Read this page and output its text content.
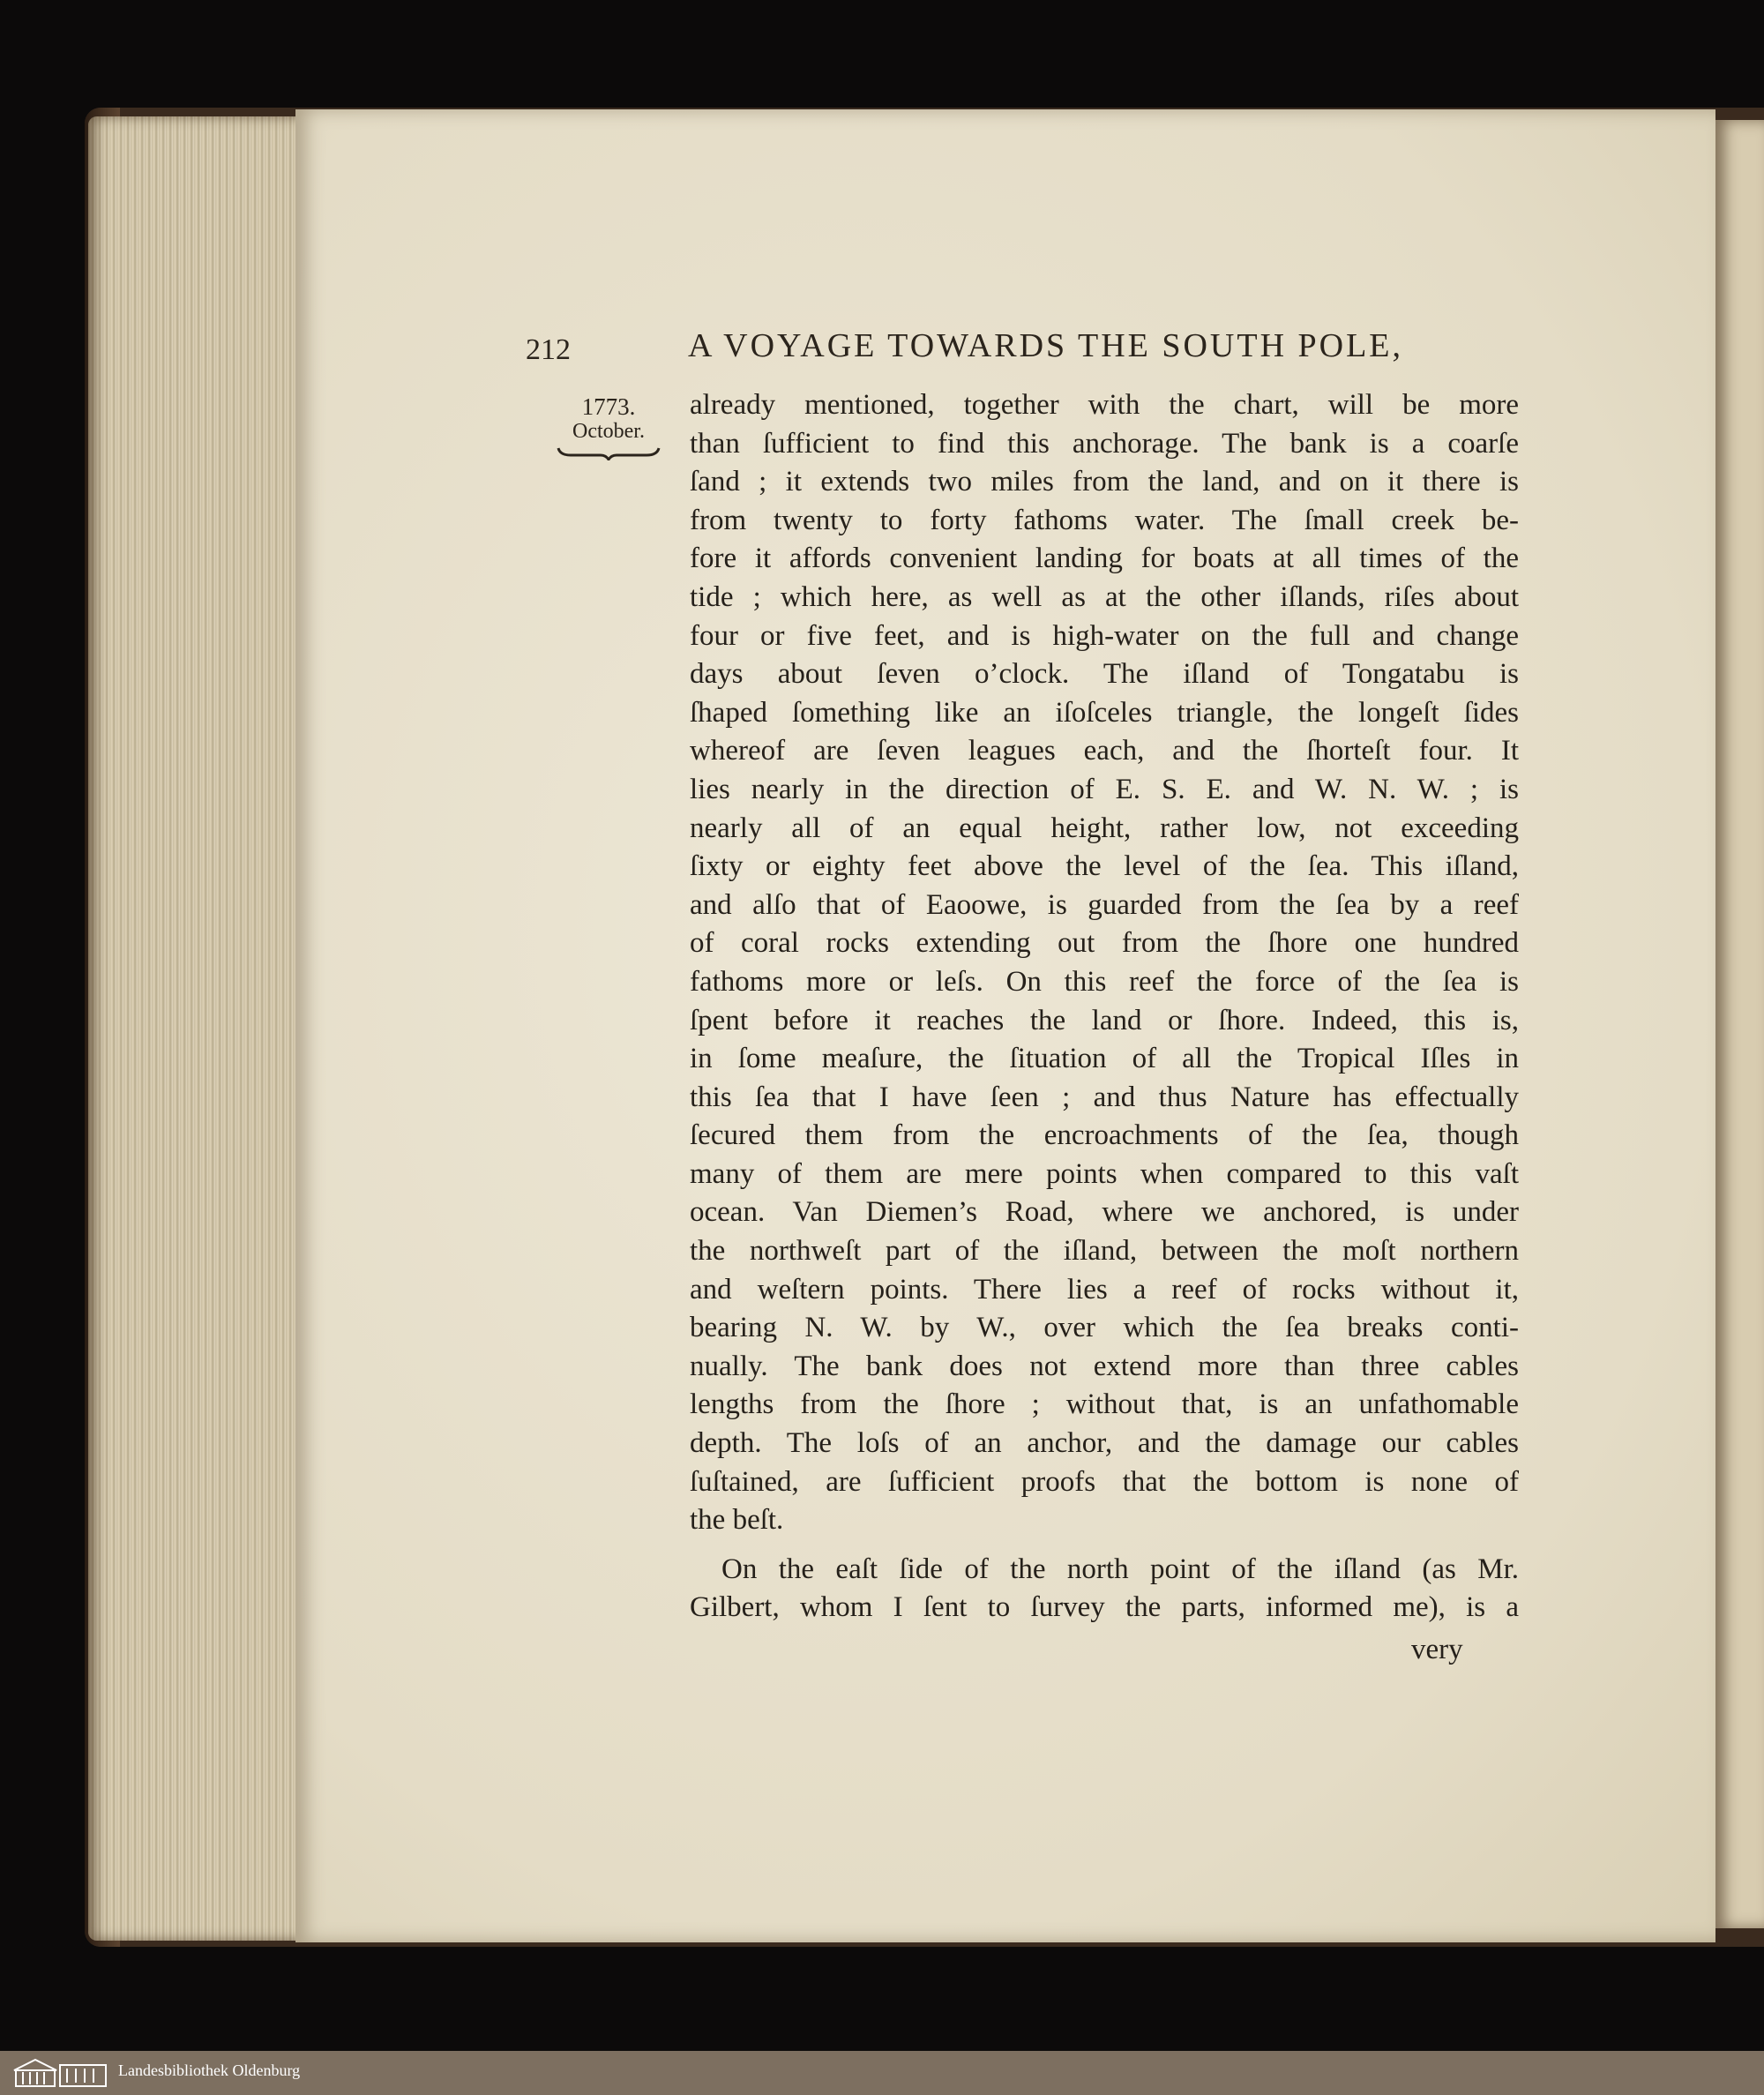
212	A VOYAGE TOWARDS THE SOUTH POLE,
1773.
October.
already mentioned, together with the chart, will be more
than ſufficient to find this anchorage. The bank is a coarſe
ſand ; it extends two miles from the land, and on it there is
from twenty to forty fathoms water. The ſmall creek be-
fore it affords convenient landing for boats at all times of the
tide ; which here, as well as at the other iſlands, riſes about
four or five feet, and is high-water on the full and change
days about ſeven o’clock. The iſland of Tongatabu is
ſhaped ſomething like an iſoſceles triangle, the longeſt ſides
whereof are ſeven leagues each, and the ſhorteſt four. It
lies nearly in the direction of E. S. E. and W. N. W. ; is
nearly all of an equal height, rather low, not exceeding
ſixty or eighty feet above the level of the ſea. This iſland,
and alſo that of Eaoowe, is guarded from the ſea by a reef
of coral rocks extending out from the ſhore one hundred
fathoms more or leſs. On this reef the force of the ſea is
ſpent before it reaches the land or ſhore. Indeed, this is,
in ſome meaſure, the ſituation of all the Tropical Iſles in
this ſea that I have ſeen ; and thus Nature has effectually
ſecured them from the encroachments of the ſea, though
many of them are mere points when compared to this vaſt
ocean. Van Diemen’s Road, where we anchored, is under
the northweſt part of the iſland, between the moſt northern
and weſtern points. There lies a reef of rocks without it,
bearing N. W. by W., over which the ſea breaks conti-
nually. The bank does not extend more than three cables
lengths from the ſhore ; without that, is an unfathomable
depth. The loſs of an anchor, and the damage our cables
ſuſtained, are ſufficient proofs that the bottom is none of
the beſt.
On the eaſt ſide of the north point of the iſland (as Mr.
Gilbert, whom I ſent to ſurvey the parts, informed me), is a
very
Landesbibliothek Oldenburg
